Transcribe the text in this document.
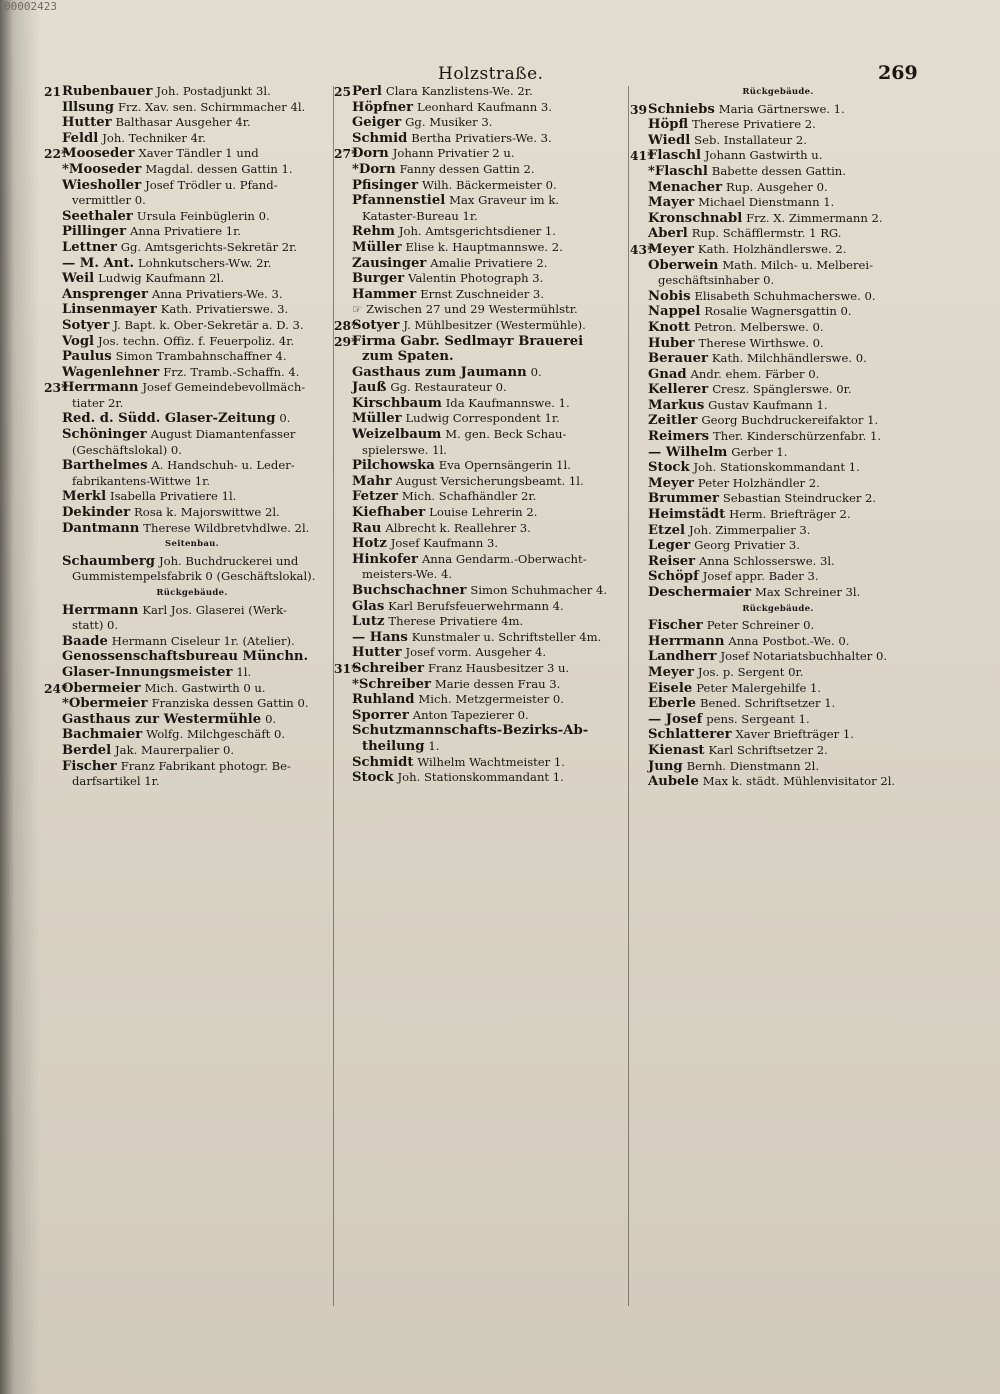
00002423
Holzstraße.	269
21 Rubenbauer Joh. Postadjunkt 3l.
Illsung Frz. Xav. sen. Schirmmacher 4l.
Hutter Balthasar Ausgeher 4r.
Feldl Joh. Techniker 4r.
22*
Mooseder Xaver Tändler 1 und
*Mooseder Magdal. dessen Gattin 1.
Wiesholler Josef Trödler u. Pfand-
vermittler 0.
Seethaler Ursula Feinbüglerin 0.
Pillinger Anna Privatiere 1r.
Lettner Gg. Amtsgerichts-Sekretär 2r.
— M. Ant. Lohnkutschers-Ww. 2r.
Weil Ludwig Kaufmann 2l.
Ansprenger Anna Privatiers-We. 3.
Linsenmayer Kath. Privatierswe. 3.
Sotyer J. Bapt. k. Ober-Sekretär a. D. 3.
Vogl Jos. techn. Offiz. f. Feuerpoliz. 4r.
Paulus Simon Trambahnschaffner 4.
Wagenlehner Frz. Tramb.-Schaffn. 4.
23*
Herrmann Josef Gemeindebevollmäch-
tiater 2r.
Red. d. Südd. Glaser-Zeitung 0.
Schöninger August Diamantenfasser
(Geschäftslokal) 0.
Barthelmes A. Handschuh- u. Leder-
fabrikantens-Wittwe 1r.
Merkl Isabella Privatiere 1l.
Dekinder Rosa k. Majorswittwe 2l.
Dantmann Therese Wildbretvhdlwe. 2l.
Seitenbau.
Schaumberg Joh. Buchdruckerei und
Gummistempelsfabrik 0 (Geschäftslokal).
Rückgebäude.
Herrmann Karl Jos. Glaserei (Werk-
statt) 0.
Baade Hermann Ciseleur 1r. (Atelier).
Genossenschaftsbureau Münchn.
Glaser-Innungsmeister 1l.
24*
Obermeier Mich. Gastwirth 0 u.
*Obermeier Franziska dessen Gattin 0.
Gasthaus zur Westermühle 0.
Bachmaier Wolfg. Milchgeschäft 0.
Berdel Jak. Maurerpalier 0.
Fischer Franz Fabrikant photogr. Be-
darfsartikel 1r.
25 Perl Clara Kanzlistens-We. 2r.
Höpfner Leonhard Kaufmann 3.
Geiger Gg. Musiker 3.
Schmid Bertha Privatiers-We. 3.
27*
Dorn Johann Privatier 2 u.
*Dorn Fanny dessen Gattin 2.
Pfisinger Wilh. Bäckermeister 0.
Pfannenstiel Max Graveur im k.
Kataster-Bureau 1r.
Rehm Joh. Amtsgerichtsdiener 1.
Müller Elise k. Hauptmannswe. 2.
Zausinger Amalie Privatiere 2.
Burger Valentin Photograph 3.
Hammer Ernst Zuschneider 3.
☞ Zwischen 27 und 29 Westermühlstr.
28*
Sotyer J. Mühlbesitzer (Westermühle).
29*
Firma Gabr. Sedlmayr Brauerei
zum Spaten.
Gasthaus zum Jaumann 0.
Jauß Gg. Restaurateur 0.
Kirschbaum Ida Kaufmannswe. 1.
Müller Ludwig Correspondent 1r.
Weizelbaum M. gen. Beck Schau-
spielerswe. 1l.
Pilchowska Eva Opernsängerin 1l.
Mahr August Versicherungsbeamt. 1l.
Fetzer Mich. Schafhändler 2r.
Kiefhaber Louise Lehrerin 2.
Rau Albrecht k. Reallehrer 3.
Hotz Josef Kaufmann 3.
Hinkofer Anna Gendarm.-Oberwacht-
meisters-We. 4.
Buchschachner Simon Schuhmacher 4.
Glas Karl Berufsfeuerwehrmann 4.
Lutz Therese Privatiere 4m.
— Hans Kunstmaler u. Schriftsteller 4m.
Hutter Josef vorm. Ausgeher 4.
31*
Schreiber Franz Hausbesitzer 3 u.
*Schreiber Marie dessen Frau 3.
Ruhland Mich. Metzgermeister 0.
Sporrer Anton Tapezierer 0.
Schutzmannschafts-Bezirks-Ab-
theilung 1.
Schmidt Wilhelm Wachtmeister 1.
Stock Joh. Stationskommandant 1.
Rückgebäude.
39 Schniebs Maria Gärtnerswe. 1.
Höpfl Therese Privatiere 2.
Wiedl Seb. Installateur 2.
41*
Flaschl Johann Gastwirth u.
*Flaschl Babette dessen Gattin.
Menacher Rup. Ausgeher 0.
Mayer Michael Dienstmann 1.
Kronschnabl Frz. X. Zimmermann 2.
Aberl Rup. Schäfflermstr. 1 RG.
43*
Meyer Kath. Holzhändlerswe. 2.
Oberwein Math. Milch- u. Melberei-
geschäftsinhaber 0.
Nobis Elisabeth Schuhmacherswe. 0.
Nappel Rosalie Wagnersgattin 0.
Knott Petron. Melberswe. 0.
Huber Therese Wirthswe. 0.
Berauer Kath. Milchhändlerswe. 0.
Gnad Andr. ehem. Färber 0.
Kellerer Cresz. Spänglerswe. 0r.
Markus Gustav Kaufmann 1.
Zeitler Georg Buchdruckereifaktor 1.
Reimers Ther. Kinderschürzenfabr. 1.
— Wilhelm Gerber 1.
Stock Joh. Stationskommandant 1.
Meyer Peter Holzhändler 2.
Brummer Sebastian Steindrucker 2.
Heimstädt Herm. Briefträger 2.
Etzel Joh. Zimmerpalier 3.
Leger Georg Privatier 3.
Reiser Anna Schlosserswe. 3l.
Schöpf Josef appr. Bader 3.
Deschermaier Max Schreiner 3l.
Rückgebäude.
Fischer Peter Schreiner 0.
Herrmann Anna Postbot.-We. 0.
Landherr Josef Notariatsbuchhalter 0.
Meyer Jos. p. Sergent 0r.
Eisele Peter Malergehilfe 1.
Eberle Bened. Schriftsetzer 1.
— Josef pens. Sergeant 1.
Schlatterer Xaver Briefträger 1.
Kienast Karl Schriftsetzer 2.
Jung Bernh. Dienstmann 2l.
Aubele Max k. städt. Mühlenvisitator 2l.
